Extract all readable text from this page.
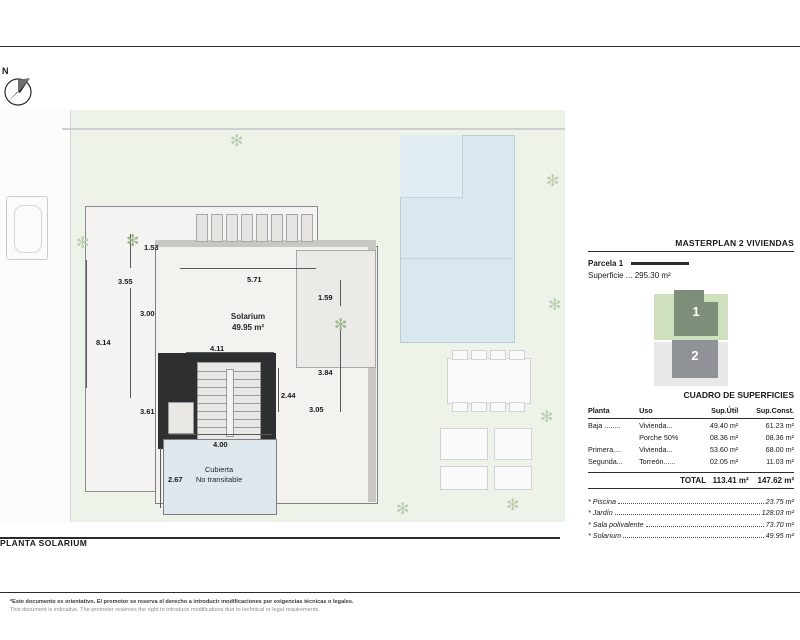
N
Solarium
49.95 m²
Cubierta
No transitable
✻
✻
✻
✻
✻
✻
✻	✻
✻	1.53
3.55	5.71
3.00
1.59
8.14
4.11
3.84
2.44
3.05
3.61
4.00
2.67
PLANTA SOLARIUM
MASTERPLAN 2 VIVIENDAS
Parcela 1
Superficie ... 295.30 m²
1
2
CUADRO DE SUPERFICIES
Planta	Uso	Sup.Útil	Sup.Const.
Baja ........	Vivienda...	49.40 m²	61.23 m²
	Porche 50%	08.36 m²	08.36 m²
Primera....	Vivienda...	53.60 m²	68.00 m²
Segunda...	Torreón......	02.05 m²	11.03 m²
TOTAL 113.41 m² 147.62 m²
* Piscina	23.75 m²
* Jardín	128.03 m²
* Sala polivalente	73.70 m²
* Solarium	49.95 m²
*Este documento es orientativo. El promotor se reserva el derecho a introducir modificaciones por exigencias técnicas o legales.
This document is indicative. The promoter reserves the right to introduce modifications due to technical or legal requirements.
